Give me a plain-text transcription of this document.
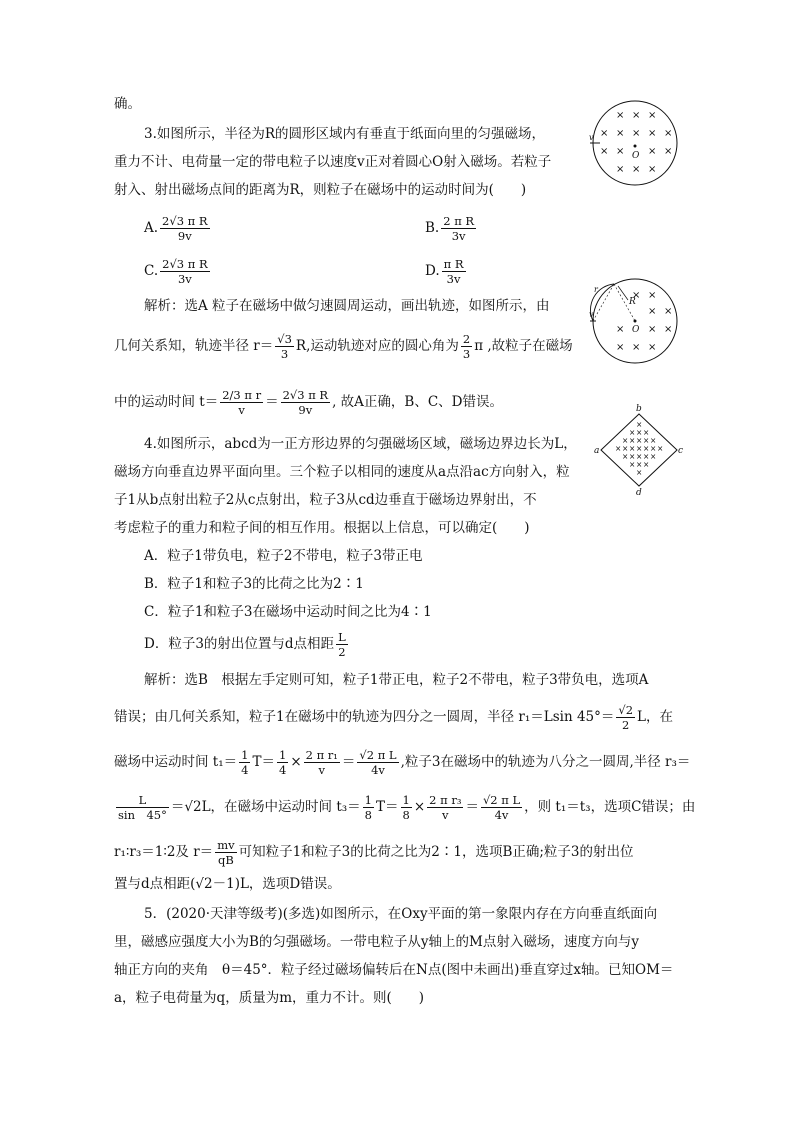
确。
3.如图所示，半径为R的圆形区域内有垂直于纸面向里的匀强磁场，
重力不计、电荷量一定的带电粒子以速度v正对着圆心O射入磁场。若粒子
射入、射出磁场点间的距离为R，则粒子在磁场中的运动时间为(　　)
A. $\frac{\text{2√3 π R}}{9v}$	B. $\frac{\text{2 π R}}{3v}$
C. $\frac{\text{2√3 π R}}{3v}$	D. $\frac{\text{π R}}{3v}$
解析：选A 粒子在磁场中做匀速圆周运动，画出轨迹，如图所示，由
几何关系知，轨迹半径 $r= \frac{√3}{3} R$,运动轨迹对应的圆心角为 $\frac{2}{3}$ π ,故粒子在磁场
中的运动时间 $t= \frac{\text{2/3 π r}}{v} = \frac{\text{2√3 π R}}{9v}$ , 故A正确，B、C、D错误。
4.如图所示，abcd为一正方形边界的匀强磁场区域，磁场边界边长为L，
磁场方向垂直边界平面向里。三个粒子以相同的速度从a点沿ac方向射入，粒
子1从b点射出粒子2从c点射出，粒子3从cd边垂直于磁场边界射出，不
考虑粒子的重力和粒子间的相互作用。根据以上信息，可以确定(　　)
A．粒子1带负电，粒子2不带电，粒子3带正电
B．粒子1和粒子3的比荷之比为2∶1
C．粒子1和粒子3在磁场中运动时间之比为4∶1
D．粒子3的射出位置与d点相距 $\frac{L}{2}$
解析：选B　根据左手定则可知，粒子1带正电，粒子2不带电，粒子3带负电，选项A
错误；由几何关系知，粒子1在磁场中的轨迹为四分之一圆周，半径 r₁＝Lsin $45^\circ= \frac{√2}{2}$ L，在
磁场中运动时间 $t_1= \frac{1}{4} T= \frac{1}{4} \times \frac{\text{2 π r₁}}{v} = \frac{\text{√2 π L}}{4v}$ ,粒子3在磁场中的轨迹为八分之一圆周,半径 r₃＝
$\frac{L}{\sin 45^\circ} =√2L$，在磁场中运动时间 $t_3= \frac{1}{8} T= \frac{1}{8} \times \frac{\text{2 π r₃}}{v} = \frac{\text{√2 π L}}{4v}$ ，则 t₁＝t₃，选项C错误；由
r₁∶r₃＝1∶2及 $r= \frac{mv}{qB}$ 可知粒子1和粒子3的比荷之比为2∶1，选项B正确;粒子3的射出位
置与d点相距(√2－1)L，选项D错误。
5．(2020·天津等级考)(多选)如图所示，在Oxy平面的第一象限内存在方向垂直纸面向
里，磁感应强度大小为B的匀强磁场。一带电粒子从y轴上的M点射入磁场，速度方向与y
轴正方向的夹角　θ＝45°．粒子经过磁场偏转后在N点(图中未画出)垂直穿过x轴。已知OM＝
a，粒子电荷量为q，质量为m，重力不计。则(　　)
× × ×
× × × × ×
× × × ×
× × ×
O
v
× ×
× ×
× × ×
× × ×
O
R
r
v
×
× × ×
× × × × ×
× × × × × × ×
× × × × ×
× × ×
×
b
a	c
d
